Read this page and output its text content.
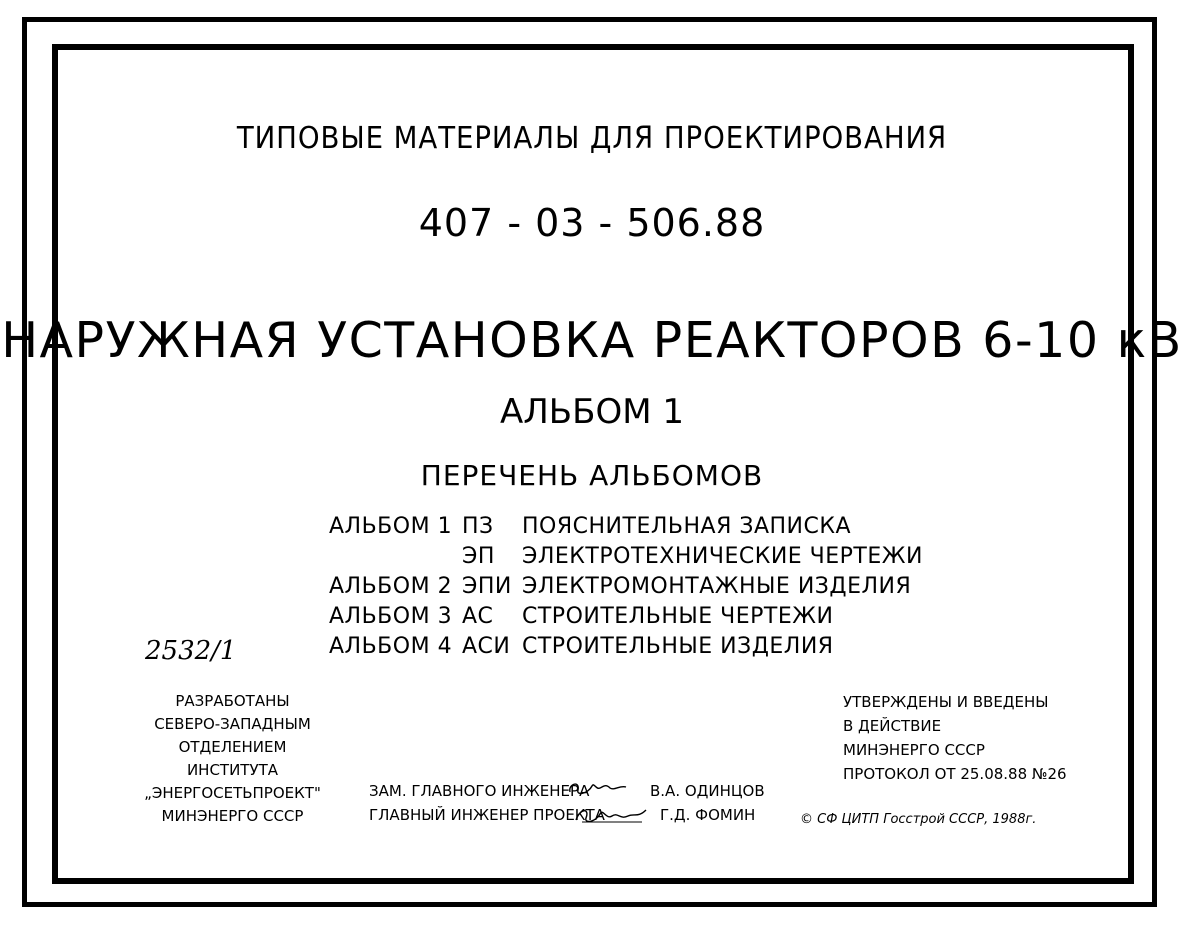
ТИПОВЫЕ МАТЕРИАЛЫ ДЛЯ ПРОЕКТИРОВАНИЯ
407 - 03 - 506.88
НАРУЖНАЯ УСТАНОВКА РЕАКТОРОВ 6-10 кВ
АЛЬБОМ 1
ПЕРЕЧЕНЬ АЛЬБОМОВ
АЛЬБОМ 1 ПЗ ПОЯСНИТЕЛЬНАЯ ЗАПИСКА
ЭП ЭЛЕКТРОТЕХНИЧЕСКИЕ ЧЕРТЕЖИ
АЛЬБОМ 2 ЭПИ ЭЛЕКТРОМОНТАЖНЫЕ ИЗДЕЛИЯ
АЛЬБОМ 3 АС СТРОИТЕЛЬНЫЕ ЧЕРТЕЖИ
АЛЬБОМ 4 АСИ СТРОИТЕЛЬНЫЕ ИЗДЕЛИЯ
2532/1
РАЗРАБОТАНЫ
СЕВЕРО-ЗАПАДНЫМ ОТДЕЛЕНИЕМ
ИНСТИТУТА „ЭНЕРГОСЕТЬПРОЕКТ"
МИНЭНЕРГО СССР
УТВЕРЖДЕНЫ И ВВЕДЕНЫ
В ДЕЙСТВИЕ
МИНЭНЕРГО СССР
ПРОТОКОЛ ОТ 25.08.88 №26
ЗАМ. ГЛАВНОГО ИНЖЕНЕРА	В.А. ОДИНЦОВ
ГЛАВНЫЙ ИНЖЕНЕР ПРОЕКТА	Г.Д. ФОМИН	© СФ ЦИТП Госстрой СССР, 1988г.
